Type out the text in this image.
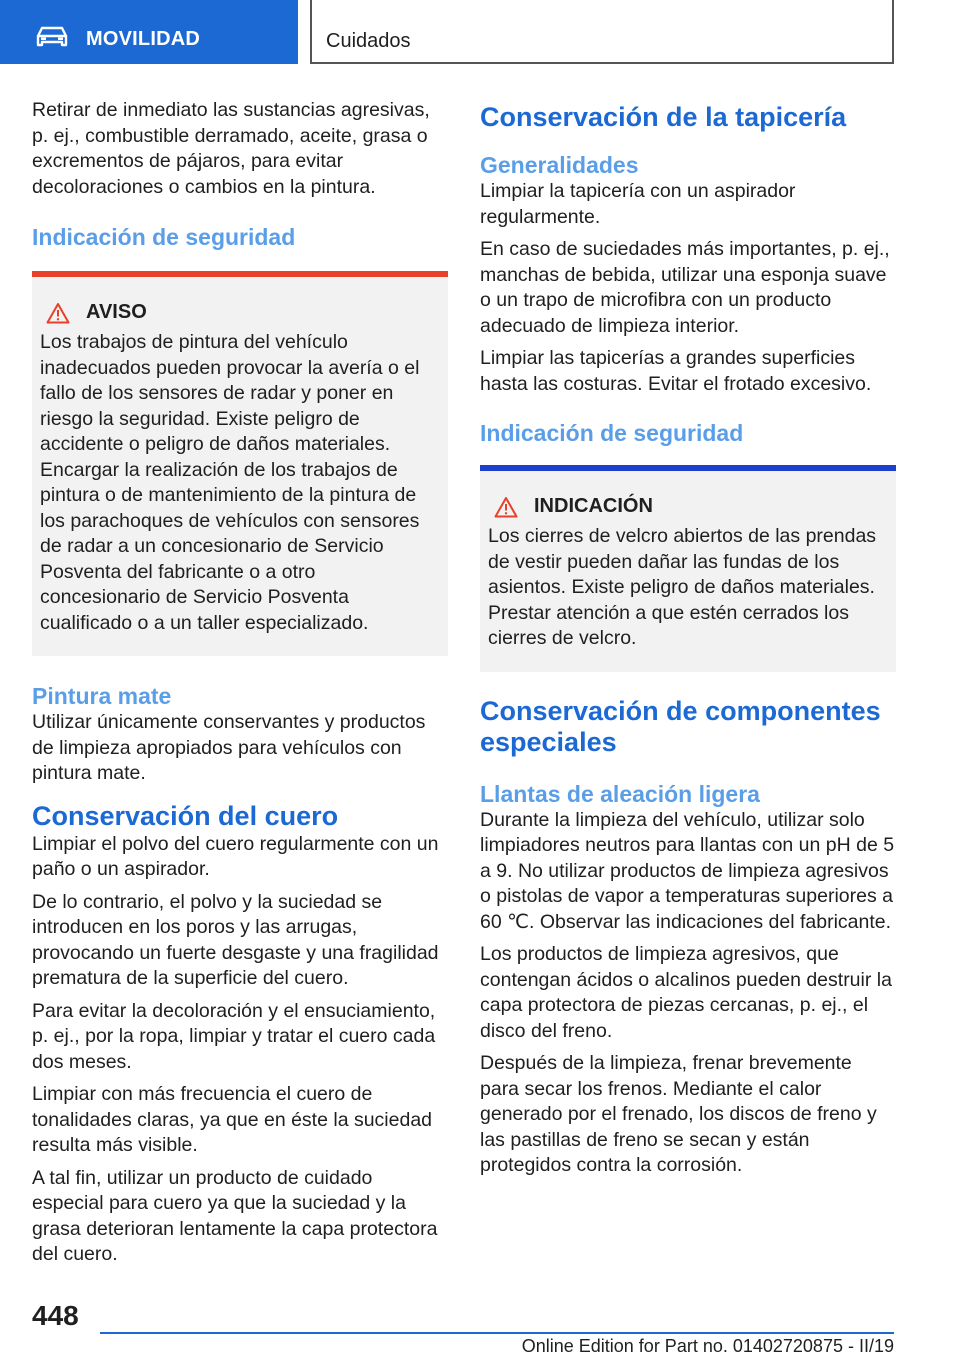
MOVILIDAD	Cuidados

Retirar de inmediato las sustancias agresivas, p. ej., combustible derramado, aceite, grasa o excrementos de pájaros, para evitar decoloraciones o cambios en la pintura.

Indicación de seguridad
AVISO

Los trabajos de pintura del vehículo inadecuados pueden provocar la avería o el fallo de los sensores de radar y poner en riesgo la seguridad. Existe peligro de accidente o peligro de daños materiales. Encargar la realización de los trabajos de pintura o de mantenimiento de la pintura de los parachoques de vehículos con sensores de radar a un concesionario de Servicio Posventa del fabricante o a otro concesionario de Servicio Posventa cualificado o a un taller especializado.

Pintura mate

Utilizar únicamente conservantes y productos de limpieza apropiados para vehículos con pintura mate.

Conservación del cuero

Limpiar el polvo del cuero regularmente con un paño o un aspirador.

De lo contrario, el polvo y la suciedad se introducen en los poros y las arrugas, provocando un fuerte desgaste y una fragilidad prematura de la superficie del cuero.

Para evitar la decoloración y el ensuciamiento, p. ej., por la ropa, limpiar y tratar el cuero cada dos meses.

Limpiar con más frecuencia el cuero de tonalidades claras, ya que en éste la suciedad resulta más visible.

A tal fin, utilizar un producto de cuidado especial para cuero ya que la suciedad y la grasa deterioran lentamente la capa protectora del cuero.

Conservación de la tapicería
Generalidades

Limpiar la tapicería con un aspirador regularmente.

En caso de suciedades más importantes, p. ej., manchas de bebida, utilizar una esponja suave o un trapo de microfibra con un producto adecuado de limpieza interior.

Limpiar las tapicerías a grandes superficies hasta las costuras. Evitar el frotado excesivo.

Indicación de seguridad
INDICACIÓN

Los cierres de velcro abiertos de las prendas de vestir pueden dañar las fundas de los asientos. Existe peligro de daños materiales. Prestar atención a que estén cerrados los cierres de velcro.

Conservación de componentes especiales
Llantas de aleación ligera

Durante la limpieza del vehículo, utilizar solo limpiadores neutros para llantas con un pH de 5 a 9. No utilizar productos de limpieza agresivos o pistolas de vapor a temperaturas superiores a 60 ℃. Observar las indicaciones del fabricante.

Los productos de limpieza agresivos, que contengan ácidos o alcalinos pueden destruir la capa protectora de piezas cercanas, p. ej., el disco del freno.

Después de la limpieza, frenar brevemente para secar los frenos. Mediante el calor generado por el frenado, los discos de freno y las pastillas de freno se secan y están protegidos contra la corrosión.

448
Online Edition for Part no. 01402720875 - II/19
